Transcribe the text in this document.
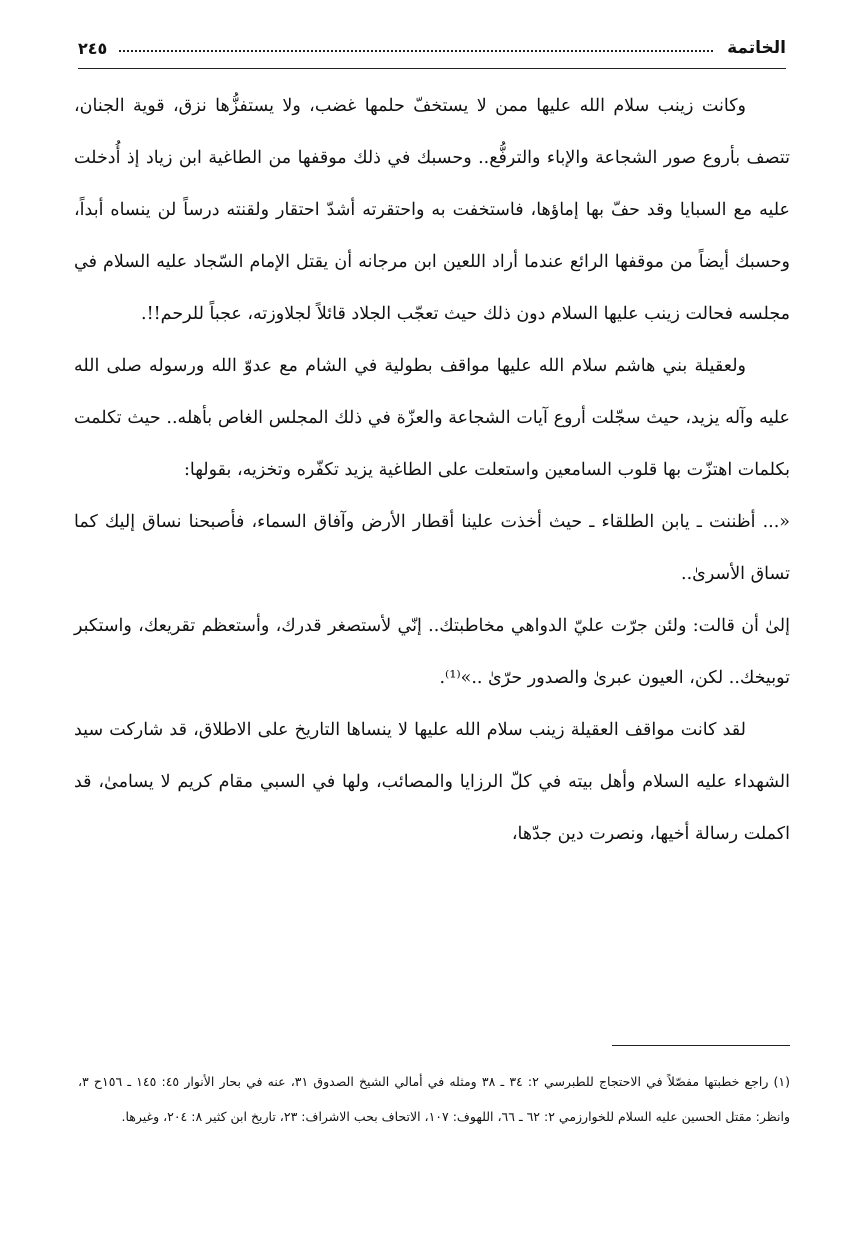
الخاتمة
٢٤٥

وكانت زينب سلام الله عليها ممن لا يستخفّ حلمها غضب، ولا يستفزُّها نزق، قوية الجنان، تتصف بأروع صور الشجاعة والإباء والترفُّع.. وحسبك في ذلك موقفها من الطاغية ابن زياد إذ أُدخلت عليه مع السبايا وقد حفّ بها إماؤها، فاستخفت به واحتقرته أشدّ احتقار ولقنته درساً لن ينساه أبداً، وحسبك أيضاً من موقفها الرائع عندما أراد اللعين ابن مرجانه أن يقتل الإمام السّجاد عليه السلام في مجلسه فحالت زينب عليها السلام دون ذلك حيث تعجّب الجلاد قائلاً لجلاوزته، عجباً للرحم!!.

ولعقيلة بني هاشم سلام الله عليها مواقف بطولية في الشام مع عدوّ الله ورسوله صلى الله عليه وآله يزيد، حيث سجّلت أروع آيات الشجاعة والعزّة في ذلك المجلس الغاص بأهله.. حيث تكلمت بكلمات اهتزّت بها قلوب السامعين واستعلت على الطاغية يزيد تكفّره وتخزيه، بقولها:

«... أظننت ـ يابن الطلقاء ـ حيث أخذت علينا أقطار الأرض وآفاق السماء، فأصبحنا نساق إليك كما تساق الأسرىٰ..

إلىٰ أن قالت: ولئن جرّت عليّ الدواهي مخاطبتك.. إنّي لأستصغر قدرك، وأستعظم تقريعك، واستكبر توبيخك.. لكن، العيون عبرىٰ والصدور حرّىٰ ..»⁽¹⁾.

لقد كانت مواقف العقيلة زينب سلام الله عليها لا ينساها التاريخ على الاطلاق، قد شاركت سيد الشهداء عليه السلام وأهل بيته في كلّ الرزايا والمصائب، ولها في السبي مقام كريم لا يسامىٰ، قد اكملت رسالة أخيها، ونصرت دين جدّها،

(١) راجع خطبتها مفصّلاً في الاحتجاج للطبرسي ٢: ٣٤ ـ ٣٨ ومثله في أمالي الشيخ الصدوق ٣١، عنه في بحار الأنوار ٤٥: ١٤٥ ـ ١٥٦ح ٣، وانظر: مقتل الحسين عليه السلام للخوارزمي ٢: ٦٢ ـ ٦٦، اللهوف: ١٠٧، الاتحاف بحب الاشراف: ٢٣، تاريخ ابن كثير ٨: ٢٠٤، وغيرها.
